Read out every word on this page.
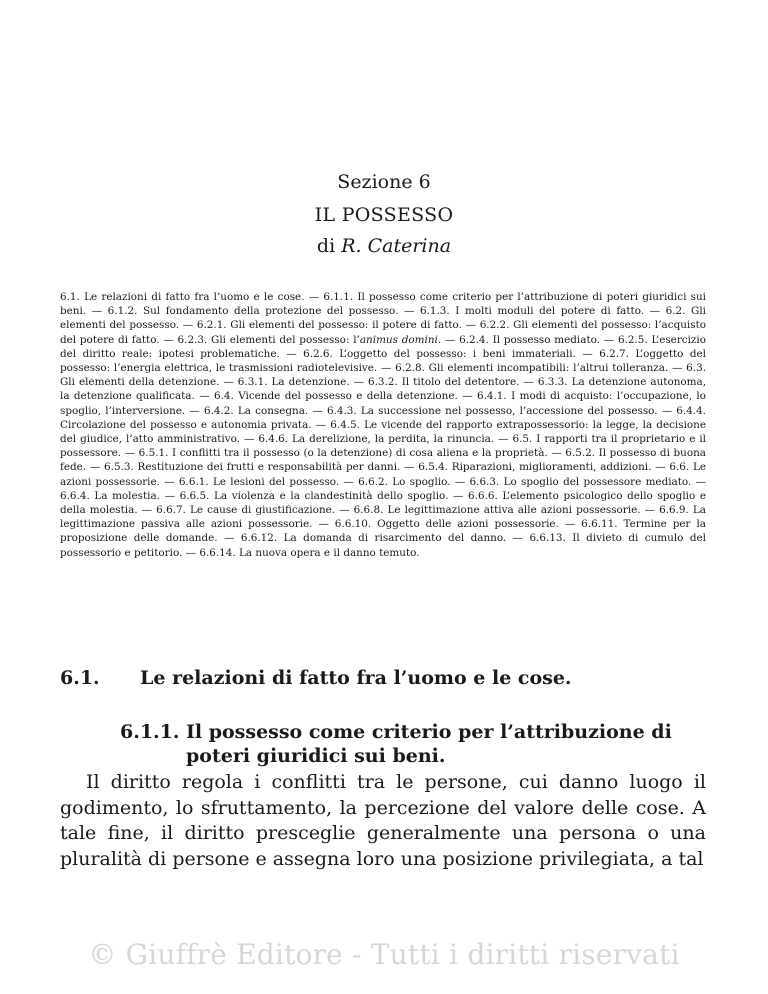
Sezione 6
IL POSSESSO
di R. Caterina
6.1. Le relazioni di fatto fra l’uomo e le cose. — 6.1.1. Il possesso come criterio per l’attribuzione di poteri giuridici sui beni. — 6.1.2. Sul fondamento della protezione del possesso. — 6.1.3. I molti moduli del potere di fatto. — 6.2. Gli elementi del possesso. — 6.2.1. Gli elementi del possesso: il potere di fatto. — 6.2.2. Gli elementi del possesso: l’acquisto del potere di fatto. — 6.2.3. Gli elementi del possesso: l’animus domini. — 6.2.4. Il possesso mediato. — 6.2.5. L’esercizio del diritto reale: ipotesi problematiche. — 6.2.6. L’oggetto del possesso: i beni immateriali. — 6.2.7. L’oggetto del possesso: l’energia elettrica, le trasmissioni radiotelevisive. — 6.2.8. Gli elementi incompatibili: l’altrui tolleranza. — 6.3. Gli elementi della detenzione. — 6.3.1. La detenzione. — 6.3.2. Il titolo del detentore. — 6.3.3. La detenzione autonoma, la detenzione qualificata. — 6.4. Vicende del possesso e della detenzione. — 6.4.1. I modi di acquisto: l’occupazione, lo spoglio, l’interversione. — 6.4.2. La consegna. — 6.4.3. La successione nel possesso, l’accessione del possesso. — 6.4.4. Circolazione del possesso e autonomia privata. — 6.4.5. Le vicende del rapporto extrapossessorio: la legge, la decisione del giudice, l’atto amministrativo. — 6.4.6. La derelizione, la perdita, la rinuncia. — 6.5. I rapporti tra il proprietario e il possessore. — 6.5.1. I conflitti tra il possesso (o la detenzione) di cosa aliena e la proprietà. — 6.5.2. Il possesso di buona fede. — 6.5.3. Restituzione dei frutti e responsabilità per danni. — 6.5.4. Riparazioni, miglioramenti, addizioni. — 6.6. Le azioni possessorie. — 6.6.1. Le lesioni del possesso. — 6.6.2. Lo spoglio. — 6.6.3. Lo spoglio del possessore mediato. — 6.6.4. La molestia. — 6.6.5. La violenza e la clandestinità dello spoglio. — 6.6.6. L’elemento psicologico dello spoglio e della molestia. — 6.6.7. Le cause di giustificazione. — 6.6.8. Le legittimazione attiva alle azioni possessorie. — 6.6.9. La legittimazione passiva alle azioni possessorie. — 6.6.10. Oggetto delle azioni possessorie. — 6.6.11. Termine per la proposizione delle domande. — 6.6.12. La domanda di risarcimento del danno. — 6.6.13. Il divieto di cumulo del possessorio e petitorio. — 6.6.14. La nuova opera e il danno temuto.
6.1. Le relazioni di fatto fra l’uomo e le cose.
6.1.1. Il possesso come criterio per l’attribuzione di poteri giuridici sui beni.
Il diritto regola i conflitti tra le persone, cui danno luogo il godimento, lo sfruttamento, la percezione del valore delle cose. A tale fine, il diritto presceglie generalmente una persona o una pluralità di persone e assegna loro una posizione privilegiata, a tal
© Giuffrè Editore - Tutti i diritti riservati
